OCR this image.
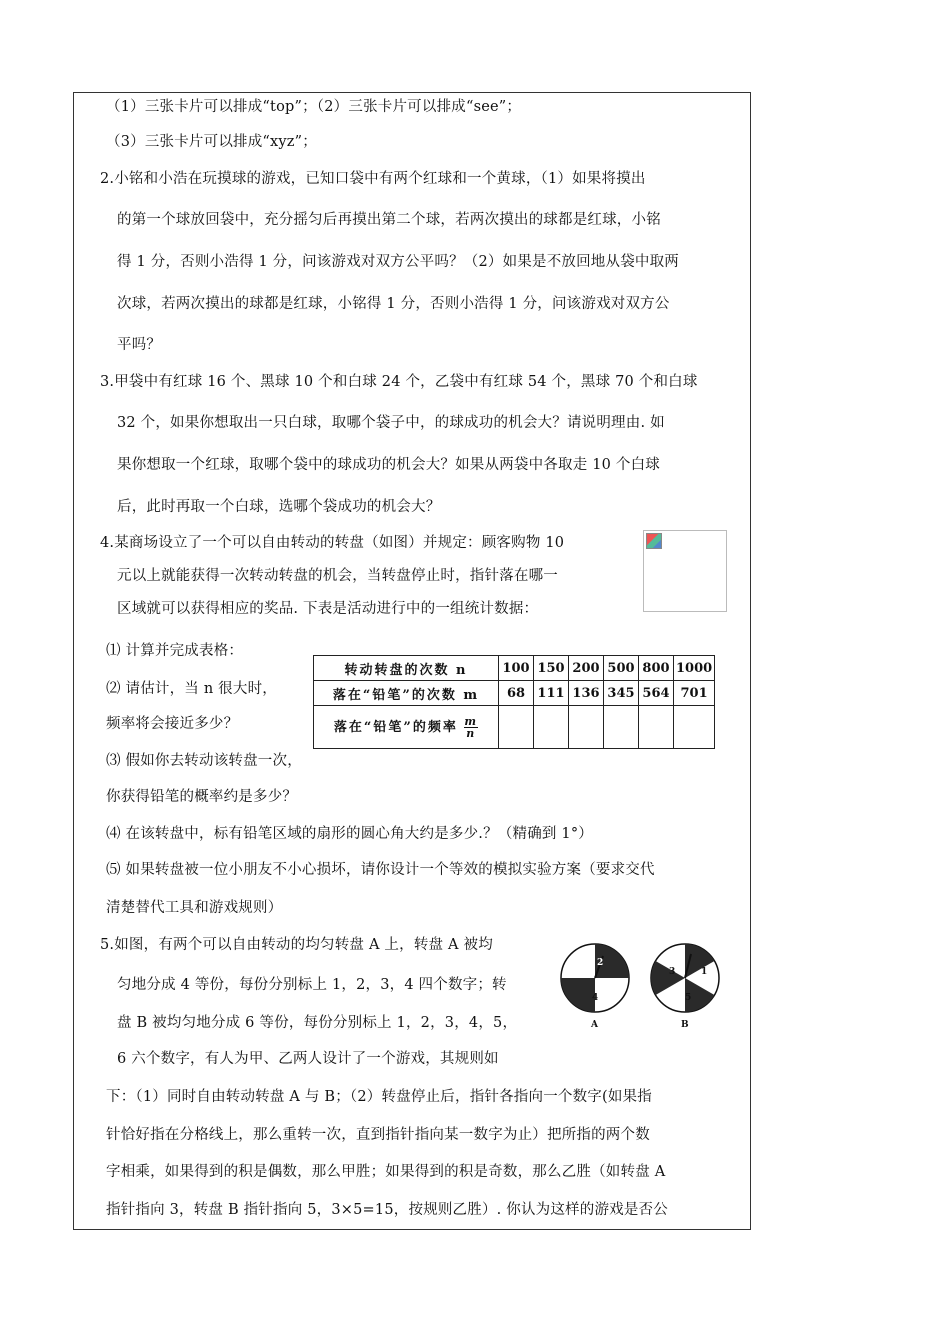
（1）三张卡片可以排成“top”；（2）三张卡片可以排成“see”；
（3）三张卡片可以排成“xyz”；
2.小铭和小浩在玩摸球的游戏，已知口袋中有两个红球和一个黄球，（1）如果将摸出
的第一个球放回袋中，充分摇匀后再摸出第二个球，若两次摸出的球都是红球，小铭
得 1 分，否则小浩得 1 分，问该游戏对双方公平吗？（2）如果是不放回地从袋中取两
次球，若两次摸出的球都是红球，小铭得 1 分，否则小浩得 1 分，问该游戏对双方公
平吗？
3.甲袋中有红球 16 个、黑球 10 个和白球 24 个，乙袋中有红球 54 个，黑球 70 个和白球
32 个，如果你想取出一只白球，取哪个袋子中，的球成功的机会大？请说明理由. 如
果你想取一个红球，取哪个袋中的球成功的机会大？如果从两袋中各取走 10 个白球
后，此时再取一个白球，选哪个袋成功的机会大？
4.某商场设立了一个可以自由转动的转盘（如图）并规定：顾客购物 10
元以上就能获得一次转动转盘的机会，当转盘停止时，指针落在哪一
区域就可以获得相应的奖品. 下表是活动进行中的一组统计数据：
⑴ 计算并完成表格：
⑵ 请估计，当 n 很大时，
频率将会接近多少？
⑶ 假如你去转动该转盘一次，
你获得铅笔的概率约是多少？
⑷ 在该转盘中，标有铅笔区域的扇形的圆心角大约是多少.？（精确到 1°）
⑸ 如果转盘被一位小朋友不小心损坏，请你设计一个等效的模拟实验方案（要求交代
清楚替代工具和游戏规则）
转动转盘的次数 n	100	150	200	500	800	1000
落在“铅笔”的次数 m	68	111	136	345	564	701
落在“铅笔”的频率 $\frac{m}{n}$

5.如图，有两个可以自由转动的均匀转盘 A 上，转盘 A 被均
匀地分成 4 等份，每份分别标上 1，2，3，4 四个数字；转
盘 B 被均匀地分成 6 等份，每份分别标上 1，2，3，4，5，
6 六个数字，有人为甲、乙两人设计了一个游戏，其规则如
下：（1）同时自由转动转盘 A 与 B；（2）转盘停止后，指针各指向一个数字(如果指
针恰好指在分格线上，那么重转一次，直到指针指向某一数字为止）把所指的两个数
字相乘，如果得到的积是偶数，那么甲胜；如果得到的积是奇数，那么乙胜（如转盘 A
指针指向 3，转盘 B 指针指向 5，3×5=15，按规则乙胜）. 你认为这样的游戏是否公
2
4
A
3	1
5
B
